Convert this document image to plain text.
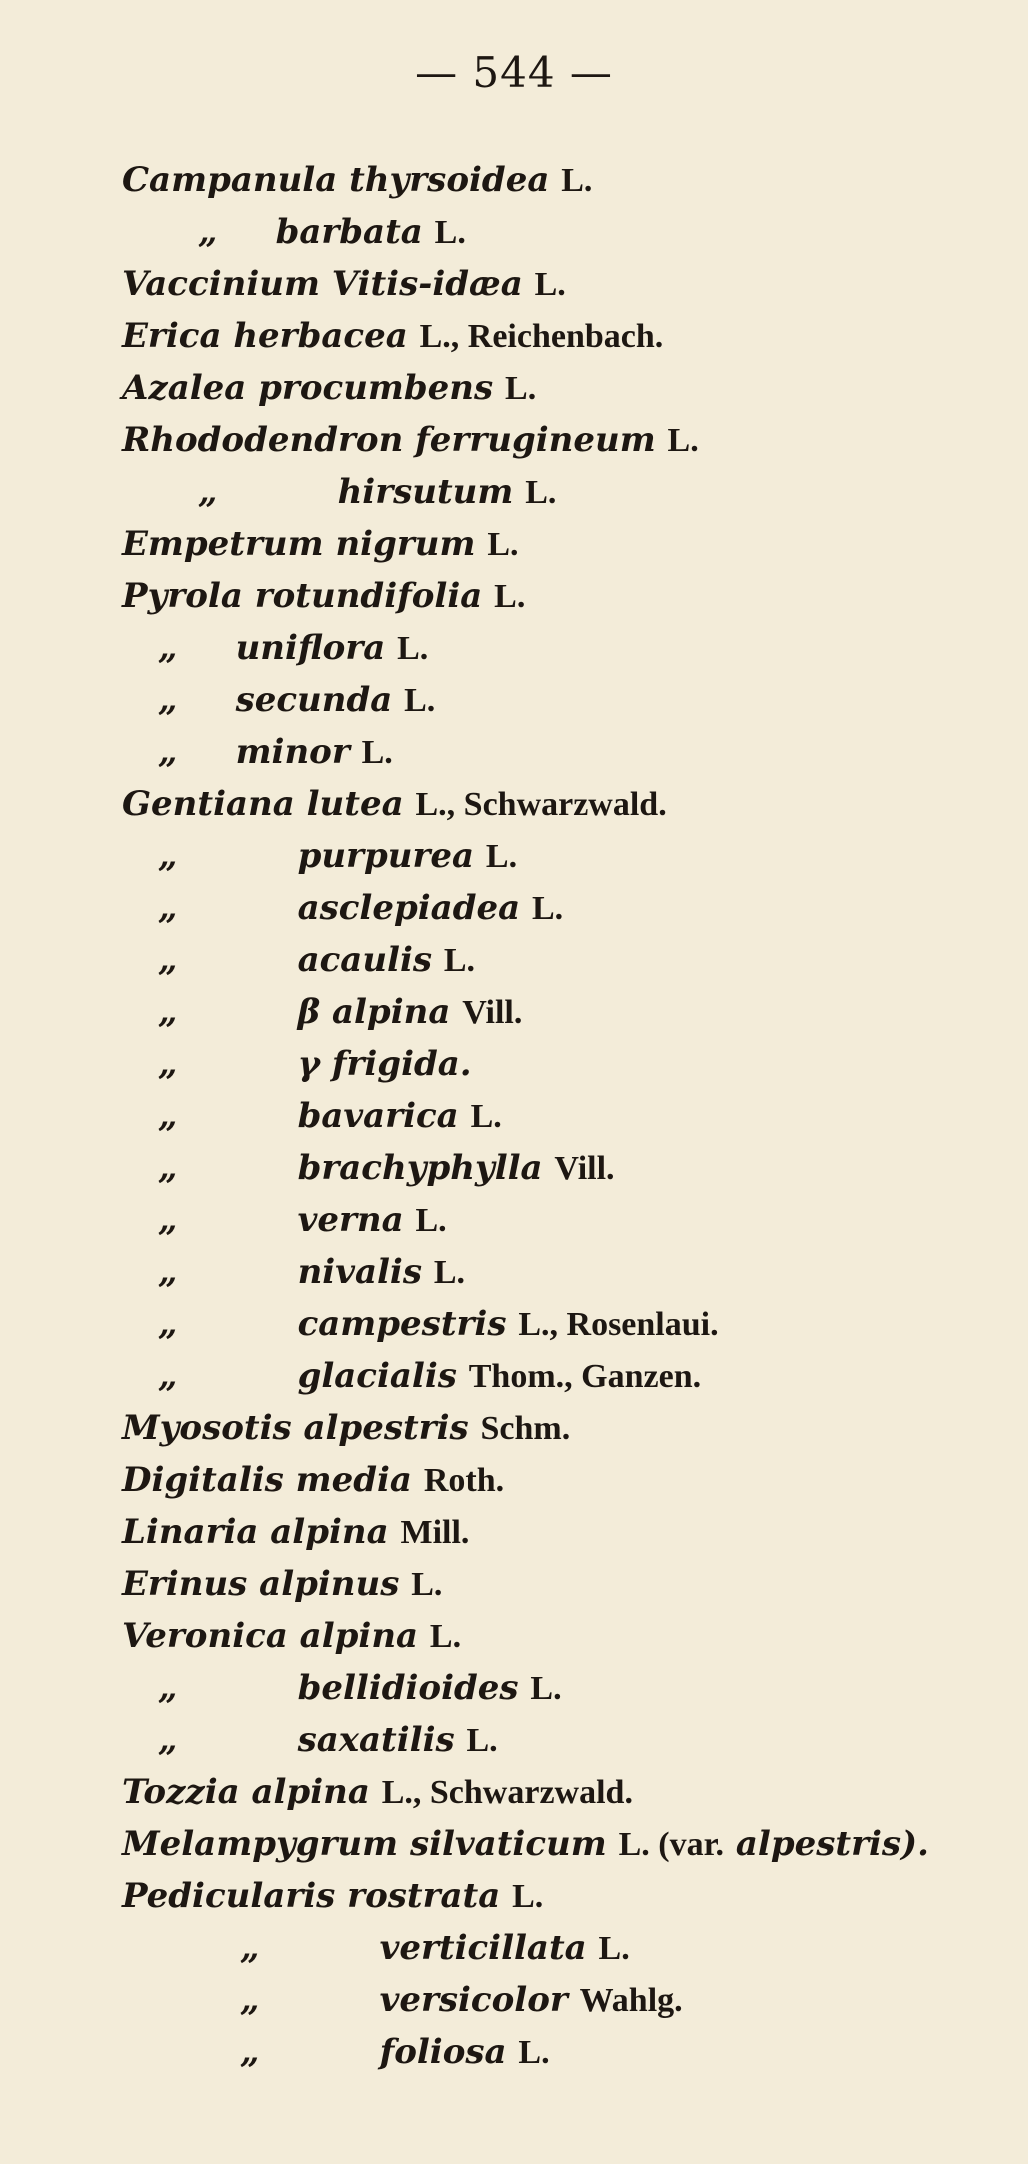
— 544 —
Campanula thyrsoidea L.
„ barbata L.
Vaccinium Vitis-idæa L.
Erica herbacea L., Reichenbach.
Azalea procumbens L.
Rhododendron ferrugineum L.
„	hirsutum L.
Empetrum nigrum L.
Pyrola rotundifolia L.
„ uniflora L.
„ secunda L.
„ minor L.
Gentiana lutea L., Schwarzwald.
„	purpurea L.
„	asclepiadea L.
„	acaulis L.
„	β alpina Vill.
„	γ frigida.
„	bavarica L.
„	brachyphylla Vill.
„	verna L.
„	nivalis L.
„	campestris L., Rosenlaui.
„	glacialis Thom., Ganzen.
Myosotis alpestris Schm.
Digitalis media Roth.
Linaria alpina Mill.
Erinus alpinus L.
Veronica alpina L.
„	bellidioides L.
„	saxatilis L.
Tozzia alpina L., Schwarzwald.
Melampygrum silvaticum L. (var. alpestris).
Pedicularis rostrata L.
„	verticillata L.
„	versicolor Wahlg.
„	foliosa L.
